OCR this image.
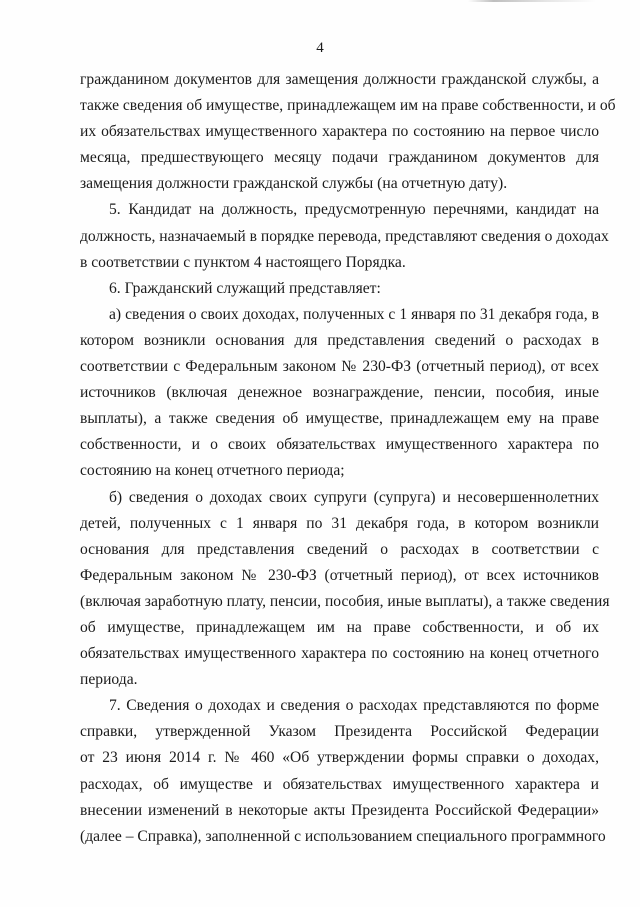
4
гражданином документов для замещения должности гражданской службы, а
также сведения об имуществе, принадлежащем им на праве собственности, и об
их обязательствах имущественного характера по состоянию на первое число
месяца, предшествующего месяцу подачи гражданином документов для
замещения должности гражданской службы (на отчетную дату).
5. Кандидат на должность, предусмотренную перечнями, кандидат на
должность, назначаемый в порядке перевода, представляют сведения о доходах
в соответствии с пунктом 4 настоящего Порядка.
6. Гражданский служащий представляет:
а) сведения о своих доходах, полученных с 1 января по 31 декабря года, в
котором возникли основания для представления сведений о расходах в
соответствии с Федеральным законом № 230-ФЗ (отчетный период), от всех
источников (включая денежное вознаграждение, пенсии, пособия, иные
выплаты), а также сведения об имуществе, принадлежащем ему на праве
собственности, и о своих обязательствах имущественного характера по
состоянию на конец отчетного периода;
б) сведения о доходах своих супруги (супруга) и несовершеннолетних
детей, полученных с 1 января по 31 декабря года, в котором возникли
основания для представления сведений о расходах в соответствии с
Федеральным законом № 230-ФЗ (отчетный период), от всех источников
(включая заработную плату, пенсии, пособия, иные выплаты), а также сведения
об имуществе, принадлежащем им на праве собственности, и об их
обязательствах имущественного характера по состоянию на конец отчетного
периода.
7. Сведения о доходах и сведения о расходах представляются по форме
справки, утвержденной Указом Президента Российской Федерации
от 23 июня 2014 г. № 460 «Об утверждении формы справки о доходах,
расходах, об имуществе и обязательствах имущественного характера и
внесении изменений в некоторые акты Президента Российской Федерации»
(далее – Справка), заполненной с использованием специального программного
